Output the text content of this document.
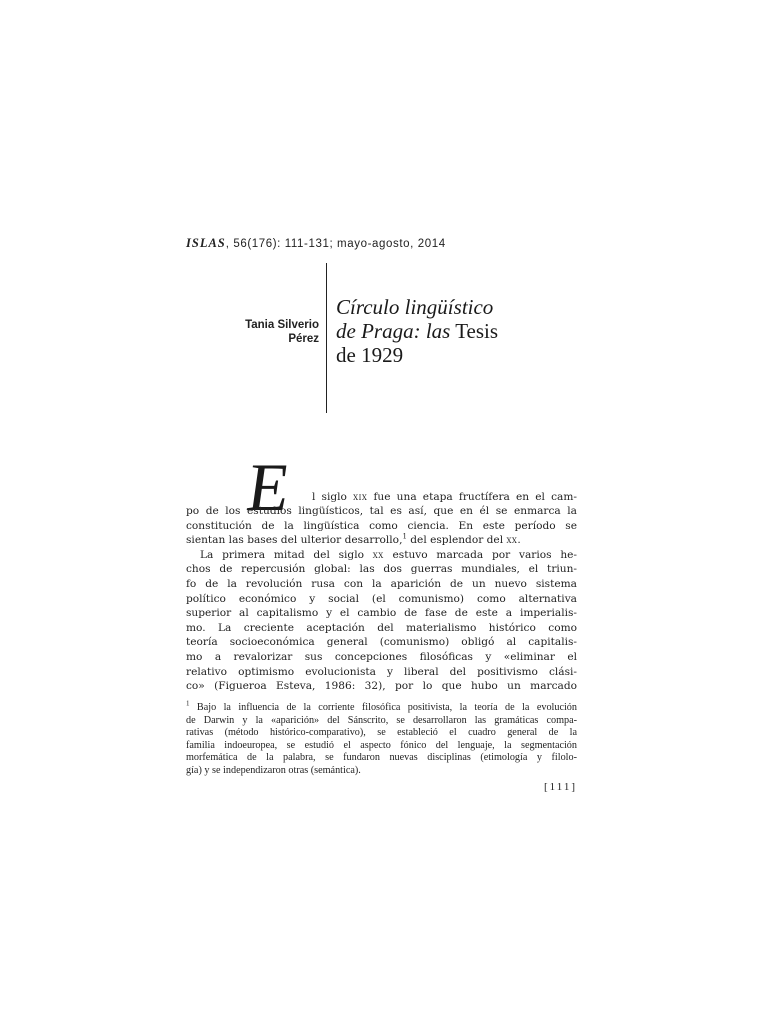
ISLAS, 56(176): 111-131; mayo-agosto, 2014
Tania Silverio
Pérez
Círculo lingüístico
de Praga: las Tesis
de 1929
E l siglo xix fue una etapa fructífera en el cam-
po de los estudios lingüísticos, tal es así, que en él se enmarca la
constitución de la lingüística como ciencia. En este período se
sientan las bases del ulterior desarrollo,$^1$ del esplendor del xx.
La primera mitad del siglo xx estuvo marcada por varios he-
chos de repercusión global: las dos guerras mundiales, el triun-
fo de la revolución rusa con la aparición de un nuevo sistema
político económico y social (el comunismo) como alternativa
superior al capitalismo y el cambio de fase de este a imperialis-
mo. La creciente aceptación del materialismo histórico como
teoría socioeconómica general (comunismo) obligó al capitalis-
mo a revalorizar sus concepciones filosóficas y «eliminar el
relativo optimismo evolucionista y liberal del positivismo clási-
co» (Figueroa Esteva, 1986: 32), por lo que hubo un marcado
$^1$ Bajo la influencia de la corriente filosófica positivista, la teoría de la evolución
de Darwin y la «aparición» del Sánscrito, se desarrollaron las gramáticas compa-
rativas (método histórico-comparativo), se estableció el cuadro general de la
familia indoeuropea, se estudió el aspecto fónico del lenguaje, la segmentación
morfemática de la palabra, se fundaron nuevas disciplinas (etimología y filolo-
gía) y se independizaron otras (semántica).
[111]
